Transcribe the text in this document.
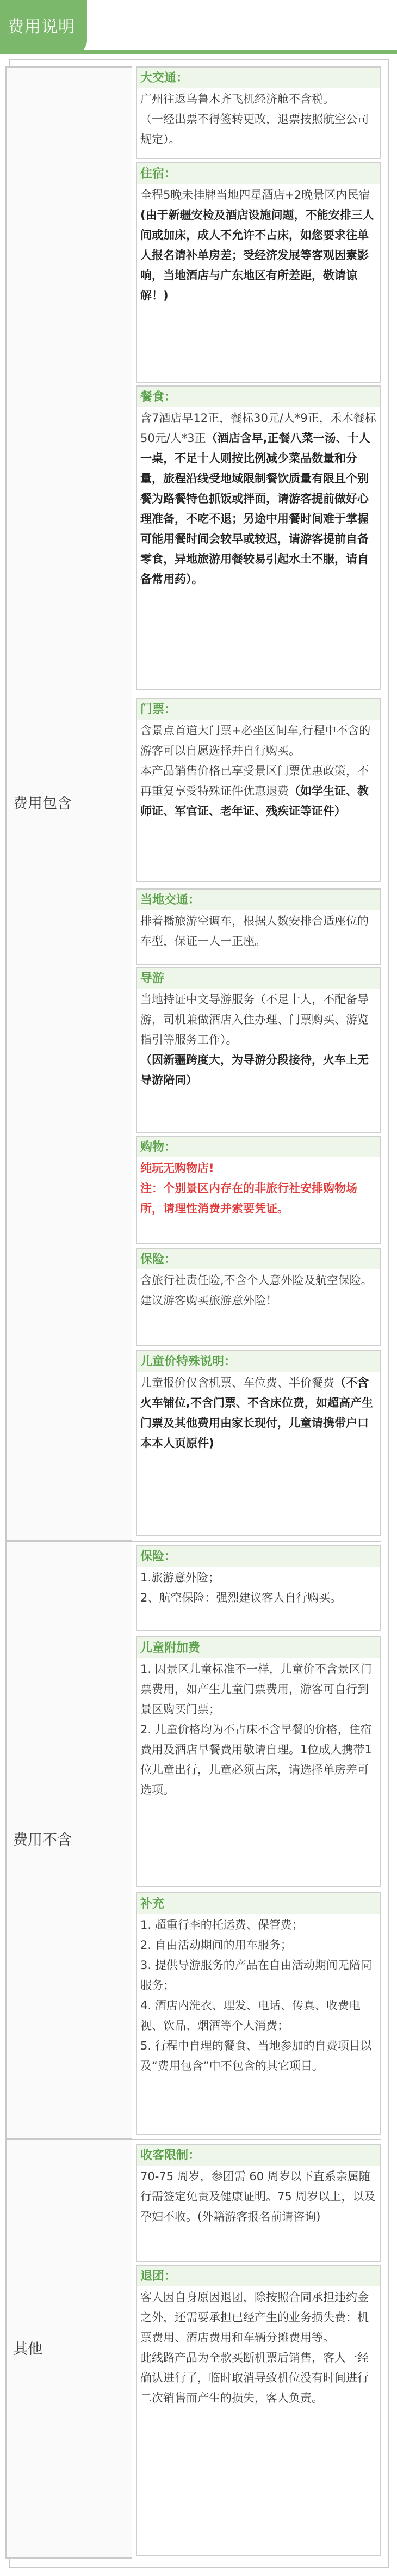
费用说明
费用包含
费用不含
其他
大交通：
广州往返乌鲁木齐飞机经济舱不含税。
（一经出票不得签转更改，退票按照航空公司规定）。
住宿：
全程5晚未挂牌当地四星酒店+2晚景区内民宿 (由于新疆安检及酒店设施问题，不能安排三人间或加床，成人不允许不占床，如您要求往单人报名请补单房差；受经济发展等客观因素影响，当地酒店与广东地区有所差距，敬请谅解！)
餐食：
含7酒店早12正，餐标30元/人*9正，禾木餐标50元/人*3正（酒店含早,正餐八菜一汤、十人一桌，不足十人则按比例减少菜品数量和分量，旅程沿线受地域限制餐饮质量有限且个别餐为路餐特色抓饭或拌面，请游客提前做好心理准备，不吃不退；另途中用餐时间难于掌握可能用餐时间会较早或较迟，请游客提前自备零食，异地旅游用餐较易引起水土不服，请自备常用药）。
门票：
含景点首道大门票+必坐区间车,行程中不含的游客可以自愿选择并自行购买。
本产品销售价格已享受景区门票优惠政策，不再重复享受特殊证件优惠退费（如学生证、教师证、军官证、老年证、残疾证等证件）
当地交通：
排着播旅游空调车，根据人数安排合适座位的车型，保证一人一正座。
导游
当地持证中文导游服务（不足十人，不配备导游，司机兼做酒店入住办理、门票购买、游览指引等服务工作）。
（因新疆跨度大，为导游分段接待，火车上无导游陪同）
购物：
纯玩无购物店!
注：个别景区内存在的非旅行社安排购物场所，请理性消费并索要凭证。
保险：
含旅行社责任险,不含个人意外险及航空保险。建议游客购买旅游意外险！
儿童价特殊说明：
儿童报价仅含机票、车位费、半价餐费（不含火车铺位,不含门票、不含床位费，如超高产生门票及其他费用由家长现付，儿童请携带户口本本人页原件)
保险：
1.旅游意外险；
2、航空保险：强烈建议客人自行购买。
儿童附加费
1. 因景区儿童标准不一样，儿童价不含景区门票费用，如产生儿童门票费用，游客可自行到景区购买门票；
2. 儿童价格均为不占床不含早餐的价格，住宿费用及酒店早餐费用敬请自理。1位成人携带1位儿童出行，儿童必须占床，请选择单房差可选项。
补充
1. 超重行李的托运费、保管费；
2. 自由活动期间的用车服务；
3. 提供导游服务的产品在自由活动期间无陪同服务；
4. 酒店内洗衣、理发、电话、传真、收费电视、饮品、烟酒等个人消费；
5. 行程中自理的餐食、当地参加的自费项目以及“费用包含”中不包含的其它项目。
收客限制：
70-75 周岁，参团需 60 周岁以下直系亲属随行需签定免责及健康证明。75 周岁以上，以及孕妇不收。(外籍游客报名前请咨询)
退团：
客人因自身原因退团，除按照合同承担违约金之外，还需要承担已经产生的业务损失费：机票费用、酒店费用和车辆分摊费用等。
此线路产品为全款买断机票后销售，客人一经确认进行了，临时取消导致机位没有时间进行二次销售而产生的损失，客人负责。
